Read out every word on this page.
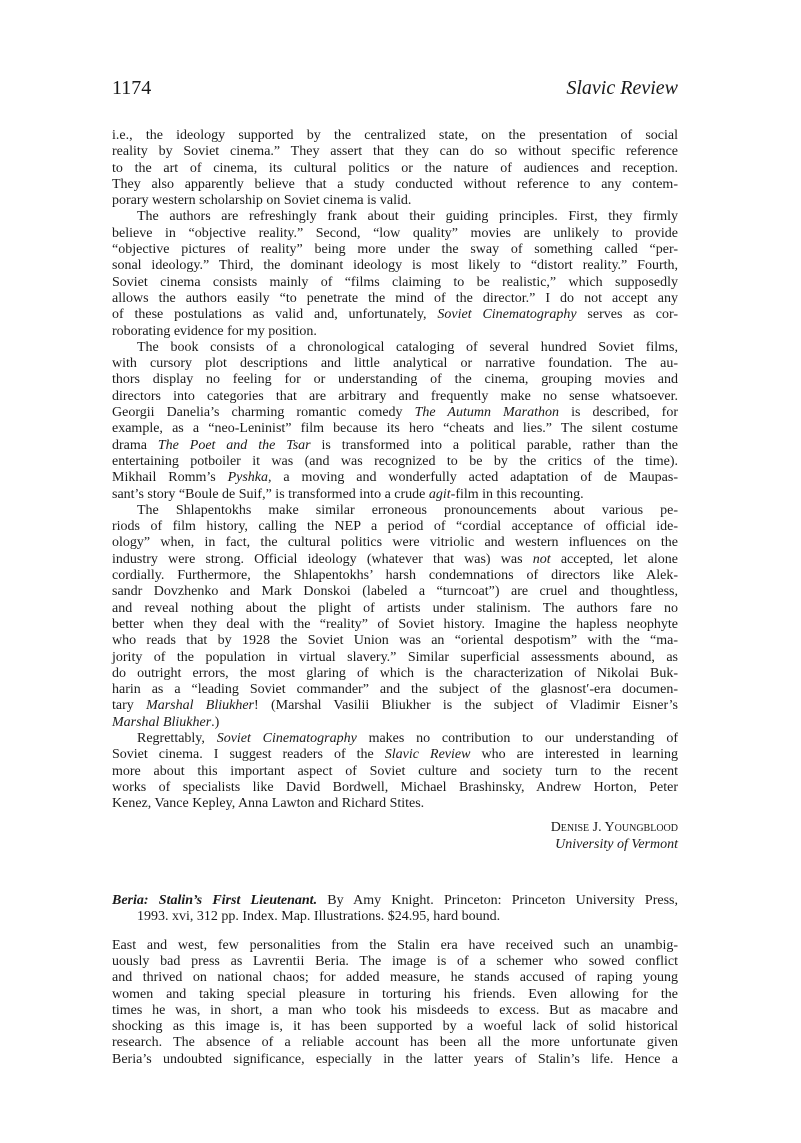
1174	Slavic Review
i.e., the ideology supported by the centralized state, on the presentation of social
reality by Soviet cinema.” They assert that they can do so without specific reference
to the art of cinema, its cultural politics or the nature of audiences and reception.
They also apparently believe that a study conducted without reference to any contem-
porary western scholarship on Soviet cinema is valid.
The authors are refreshingly frank about their guiding principles. First, they firmly
believe in “objective reality.” Second, “low quality” movies are unlikely to provide
“objective pictures of reality” being more under the sway of something called “per-
sonal ideology.” Third, the dominant ideology is most likely to “distort reality.” Fourth,
Soviet cinema consists mainly of “films claiming to be realistic,” which supposedly
allows the authors easily “to penetrate the mind of the director.” I do not accept any
of these postulations as valid and, unfortunately, Soviet Cinematography serves as cor-
roborating evidence for my position.
The book consists of a chronological cataloging of several hundred Soviet films,
with cursory plot descriptions and little analytical or narrative foundation. The au-
thors display no feeling for or understanding of the cinema, grouping movies and
directors into categories that are arbitrary and frequently make no sense whatsoever.
Georgii Danelia’s charming romantic comedy The Autumn Marathon is described, for
example, as a “neo-Leninist” film because its hero “cheats and lies.” The silent costume
drama The Poet and the Tsar is transformed into a political parable, rather than the
entertaining potboiler it was (and was recognized to be by the critics of the time).
Mikhail Romm’s Pyshka, a moving and wonderfully acted adaptation of de Maupas-
sant’s story “Boule de Suif,” is transformed into a crude agit-film in this recounting.
The Shlapentokhs make similar erroneous pronouncements about various pe-
riods of film history, calling the NEP a period of “cordial acceptance of official ide-
ology” when, in fact, the cultural politics were vitriolic and western influences on the
industry were strong. Official ideology (whatever that was) was not accepted, let alone
cordially. Furthermore, the Shlapentokhs’ harsh condemnations of directors like Alek-
sandr Dovzhenko and Mark Donskoi (labeled a “turncoat”) are cruel and thoughtless,
and reveal nothing about the plight of artists under stalinism. The authors fare no
better when they deal with the “reality” of Soviet history. Imagine the hapless neophyte
who reads that by 1928 the Soviet Union was an “oriental despotism” with the “ma-
jority of the population in virtual slavery.” Similar superficial assessments abound, as
do outright errors, the most glaring of which is the characterization of Nikolai Buk-
harin as a “leading Soviet commander” and the subject of the glasnost′-era documen-
tary Marshal Bliukher! (Marshal Vasilii Bliukher is the subject of Vladimir Eisner’s
Marshal Bliukher.)
Regrettably, Soviet Cinematography makes no contribution to our understanding of
Soviet cinema. I suggest readers of the Slavic Review who are interested in learning
more about this important aspect of Soviet culture and society turn to the recent
works of specialists like David Bordwell, Michael Brashinsky, Andrew Horton, Peter
Kenez, Vance Kepley, Anna Lawton and Richard Stites.
Denise J. Youngblood
University of Vermont
Beria: Stalin’s First Lieutenant. By Amy Knight. Princeton: Princeton University Press,
1993. xvi, 312 pp. Index. Map. Illustrations. $24.95, hard bound.
East and west, few personalities from the Stalin era have received such an unambig-
uously bad press as Lavrentii Beria. The image is of a schemer who sowed conflict
and thrived on national chaos; for added measure, he stands accused of raping young
women and taking special pleasure in torturing his friends. Even allowing for the
times he was, in short, a man who took his misdeeds to excess. But as macabre and
shocking as this image is, it has been supported by a woeful lack of solid historical
research. The absence of a reliable account has been all the more unfortunate given
Beria’s undoubted significance, especially in the latter years of Stalin’s life. Hence a
